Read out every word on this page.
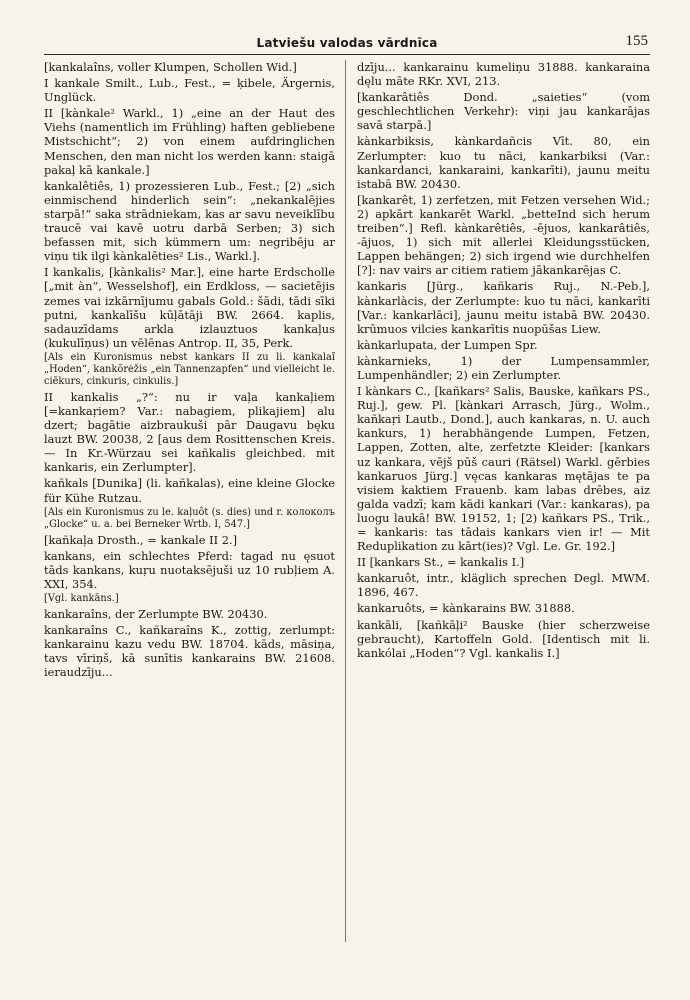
Latviešu valodas vārdnīca	155

[kankalaîns, voller Klumpen, Schollen Wid.]

I kankale Smilt., Lub., Fest., = ķibele, Ärgernis, Unglück.

II [kànkale² Warkl., 1) „eine an der Haut des Viehs (namentlich im Frühling) haften gebliebene Mistschicht“; 2) von einem aufdringlichen Menschen, den man nicht los werden kann: staigā pakaļ kā kankale.]

kankalêtiês, 1) prozessieren Lub., Fest.; [2) „sich einmischend hinderlich sein“: „nekankalējies starpā!“ saka strādniekam, kas ar savu neveiklību traucē vai kavē uotru darbā Serben; 3) sich befassen mit, sich kümmern um: negribēju ar viņu tik ilgi kànkalēties² Lis., Warkl.].

I kankalis, [kànkalis² Mar.], eine harte Erdscholle [„mit àn“, Wesselshof], ein Erdkloss, — sacietējis zemes vai izkārnījumu gabals Gold.: šādi, tādi sīki putni, kankalīšu kūļātāji BW. 2664. kaplis, sadauzīdams arkla izlauztuos kankaļus (kukulīņus) un vēlēnas Antrop. II, 35, Perk.

[Als ein Kuronismus nebst kankars II zu li. kankalaĩ „Hoden“, kankõrėžis „ein Tannenzapfen“ und vielleicht le. ciēkurs, cinkuris, cinkulis.]

II kankalis „?“: nu ir vaļa kankaļiem [=kankaŗiem? Var.: nabagiem, plikajiem] alu dzert; bagātie aizbraukuši pār Daugavu bęku lauzt BW. 20038, 2 [aus dem Rosittenschen Kreis. — In Kr.-Würzau sei kañkalis gleichbed. mit kankaris, ein Zerlumpter].

kañkals [Dunika] (li. kañkalas), eine kleine Glocke für Kühe Rutzau.

[Als ein Kuronismus zu le. kaļuôt (s. dies) und r. колоколъ „Glocke“ u. a. bei Berneker Wrtb. I, 547.]

[kañkaļa Drosth., = kankale II 2.]

kankans, ein schlechtes Pferd: tagad nu ęsuot tāds kankans, kuŗu nuotaksējuši uz 10 rubļiem A. XXI, 354.

[Vgl. kankāns.]

kankaraîns, der Zerlumpte BW. 20430.

kankaraîns C., kañkaraîns K., zottig, zerlumpt: kankarainu kazu vedu BW. 18704. kāds, māsiņa, tavs vīriņš, kā sunītis kankarains BW. 21608. ieraudzīju...

dzīju... kankarainu kumeliņu 31888. kankaraina dęlu māte RKr. XVI, 213.

[kankarâtiês Dond. „saieties“ (vom geschlechtlichen Verkehr): viņi jau kankarājas savā starpā.]

kànkarbiksis, kànkardañcis Vīt. 80, ein Zerlumpter: kuo tu nāci, kankarbiksi (Var.: kankardanci, kankaraini, kankarīti), jaunu meitu istabā BW. 20430.

[kankarêt, 1) zerfetzen, mit Fetzen versehen Wid.; 2) apkārt kankarēt Warkl. „betteInd sich herum treiben“.] Refl. kànkarêtiês, -ējuos, kankarâtiês, -ājuos, 1) sich mit allerlei Kleidungsstücken, Lappen behängen; 2) sich irgend wie durchhelfen [?]: nav vairs ar citiem ratiem jākankarējas C.

kankaris [Jürg., kañkaris Ruj., N.-Peb.], kànkarlàcis, der Zerlumpte: kuo tu nāci, kankarīti [Var.: kankarlāci], jaunu meitu istabā BW. 20430. krūmuos vilcies kankarītis nuopūšas Liew.

kànkarlupata, der Lumpen Spr.

kànkarnieks, 1) der Lumpensammler, Lumpenhändler; 2) ein Zerlumpter.

I kànkars C., [kañkars² Salis, Bauske, kañkars PS., Ruj.], gew. Pl. [kànkari Arrasch, Jürg., Wolm., kañkaŗi Lautb., Dond.], auch kankaras, n. U. auch kankurs, 1) herabhängende Lumpen, Fetzen, Lappen, Zotten, alte, zerfetzte Kleider: [kankars uz kankara, vējš pūš cauri (Rätsel) Warkl. gērbies kankaruos Jürg.] vęcas kankaras mętājas te pa visiem kaktiem Frauenb. kam labas drēbes, aiz galda vadzī; kam kādi kankari (Var.: kankaras), pa luogu laukā! BW. 19152, 1; [2) kañkars PS., Trik., = kankaris: tas tādais kankars vien ir! — Mit Reduplikation zu kārt(ies)? Vgl. Le. Gr. 192.]

II [kankars St., = kankalis I.]

kankaruôt, intr., kläglich sprechen Degl. MWM. 1896, 467.

kankaruôts, = kànkarains BW. 31888.

kankāli, [kañkāļi² Bauske (hier scherzweise gebraucht), Kartoffeln Gold. [Identisch mit li. kankólai „Hoden“? Vgl. kankalis I.]
